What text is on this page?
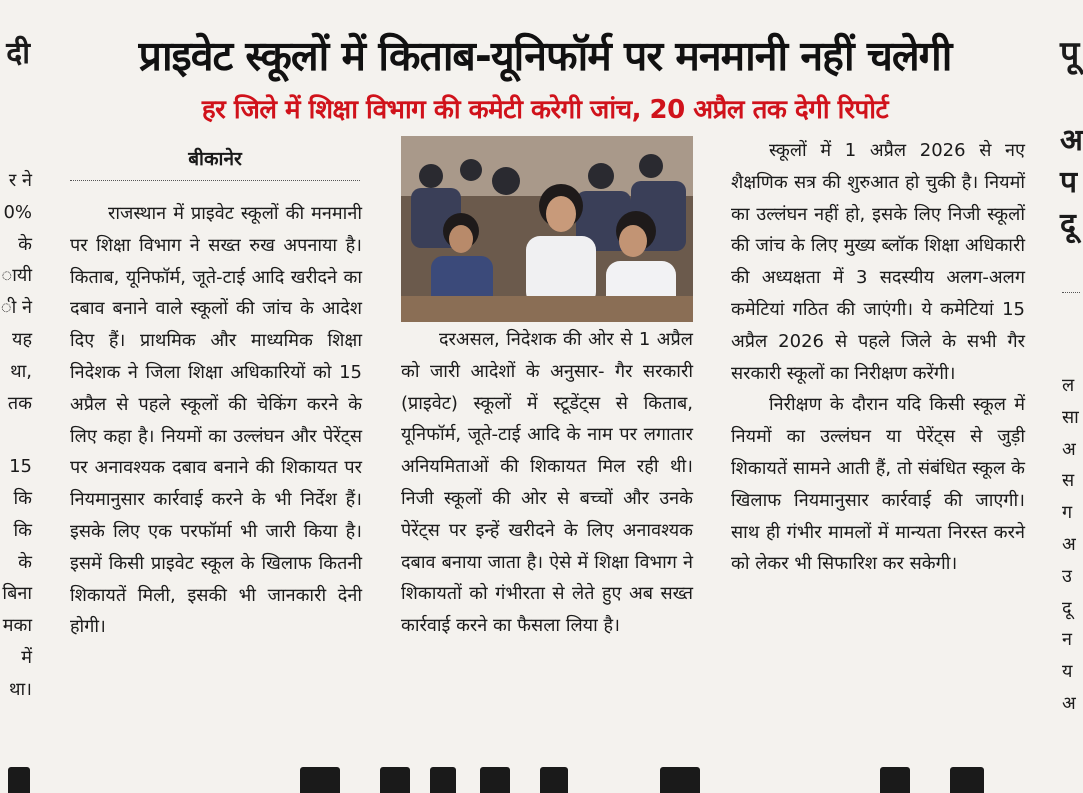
प्राइवेट स्कूलों में किताब-यूनिफॉर्म पर मनमानी नहीं चलेगी
हर जिले में शिक्षा विभाग की कमेटी करेगी जांच, 20 अप्रैल तक देगी रिपोर्ट
दी
र ने
0%
के
ायी
ी ने
यह
था,
तक

15
कि
कि
के
बिना
मका
में
था।
पू
अ
प
दू
ल
सा
अ
स
ग
अ
उ
दू
न
य
अ
बीकानेर

राजस्थान में प्राइवेट स्कूलों की मनमानी पर शिक्षा विभाग ने सख्त रुख अपनाया है। किताब, यूनिफॉर्म, जूते-टाई आदि खरीदने का दबाव बनाने वाले स्कूलों की जांच के आदेश दिए हैं। प्राथमिक और माध्यमिक शिक्षा निदेशक ने जिला शिक्षा अधिकारियों को 15 अप्रैल से पहले स्कूलों की चेकिंग करने के लिए कहा है। नियमों का उल्लंघन और पेरेंट्स पर अनावश्यक दबाव बनाने की शिकायत पर नियमानुसार कार्रवाई करने के भी निर्देश हैं। इसके लिए एक परफॉर्मा भी जारी किया है। इसमें किसी प्राइवेट स्कूल के खिलाफ कितनी शिकायतें मिली, इसकी भी जानकारी देनी होगी।

दरअसल, निदेशक की ओर से 1 अप्रैल को जारी आदेशों के अनुसार- गैर सरकारी (प्राइवेट) स्कूलों में स्टूडेंट्स से किताब, यूनिफॉर्म, जूते-टाई आदि के नाम पर लगातार अनियमिताओं की शिकायत मिल रही थी। निजी स्कूलों की ओर से बच्चों और उनके पेरेंट्स पर इन्हें खरीदने के लिए अनावश्यक दबाव बनाया जाता है। ऐसे में शिक्षा विभाग ने शिकायतों को गंभीरता से लेते हुए अब सख्त कार्रवाई करने का फैसला लिया है।

स्कूलों में 1 अप्रैल 2026 से नए शैक्षणिक सत्र की शुरुआत हो चुकी है। नियमों का उल्लंघन नहीं हो, इसके लिए निजी स्कूलों की जांच के लिए मुख्य ब्लॉक शिक्षा अधिकारी की अध्यक्षता में 3 सदस्यीय अलग-अलग कमेटियां गठित की जाएंगी। ये कमेटियां 15 अप्रैल 2026 से पहले जिले के सभी गैर सरकारी स्कूलों का निरीक्षण करेंगी।

निरीक्षण के दौरान यदि किसी स्कूल में नियमों का उल्लंघन या पेरेंट्स से जुड़ी शिकायतें सामने आती हैं, तो संबंधित स्कूल के खिलाफ नियमानुसार कार्रवाई की जाएगी। साथ ही गंभीर मामलों में मान्यता निरस्त करने को लेकर भी सिफारिश कर सकेगी।
